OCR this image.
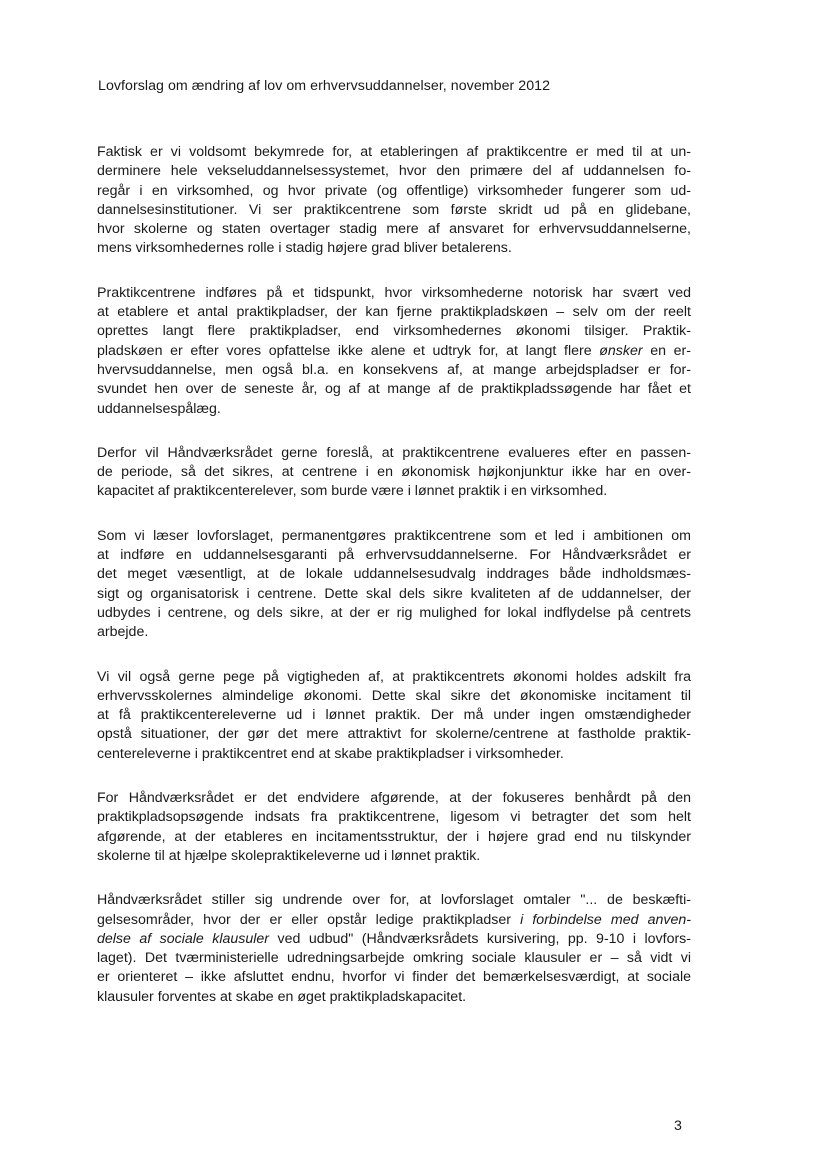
Lovforslag om ændring af lov om erhvervsuddannelser, november 2012
Faktisk er vi voldsomt bekymrede for, at etableringen af praktikcentre er med til at un-
derminere hele vekseluddannelsessystemet, hvor den primære del af uddannelsen fo-
regår i en virksomhed, og hvor private (og offentlige) virksomheder fungerer som ud-
dannelsesinstitutioner. Vi ser praktikcentrene som første skridt ud på en glidebane,
hvor skolerne og staten overtager stadig mere af ansvaret for erhvervsuddannelserne,
mens virksomhedernes rolle i stadig højere grad bliver betalerens.
Praktikcentrene indføres på et tidspunkt, hvor virksomhederne notorisk har svært ved
at etablere et antal praktikpladser, der kan fjerne praktikpladskøen – selv om der reelt
oprettes langt flere praktikpladser, end virksomhedernes økonomi tilsiger. Praktik-
pladskøen er efter vores opfattelse ikke alene et udtryk for, at langt flere ønsker en er-
hvervsuddannelse, men også bl.a. en konsekvens af, at mange arbejdspladser er for-
svundet hen over de seneste år, og af at mange af de praktikpladssøgende har fået et
uddannelsespålæg.
Derfor vil Håndværksrådet gerne foreslå, at praktikcentrene evalueres efter en passen-
de periode, så det sikres, at centrene i en økonomisk højkonjunktur ikke har en over-
kapacitet af praktikcenterelever, som burde være i lønnet praktik i en virksomhed.
Som vi læser lovforslaget, permanentgøres praktikcentrene som et led i ambitionen om
at indføre en uddannelsesgaranti på erhvervsuddannelserne. For Håndværksrådet er
det meget væsentligt, at de lokale uddannelsesudvalg inddrages både indholdsmæs-
sigt og organisatorisk i centrene. Dette skal dels sikre kvaliteten af de uddannelser, der
udbydes i centrene, og dels sikre, at der er rig mulighed for lokal indflydelse på centrets
arbejde.
Vi vil også gerne pege på vigtigheden af, at praktikcentrets økonomi holdes adskilt fra
erhvervsskolernes almindelige økonomi. Dette skal sikre det økonomiske incitament til
at få praktikcentereleverne ud i lønnet praktik. Der må under ingen omstændigheder
opstå situationer, der gør det mere attraktivt for skolerne/centrene at fastholde praktik-
centereleverne i praktikcentret end at skabe praktikpladser i virksomheder.
For Håndværksrådet er det endvidere afgørende, at der fokuseres benhårdt på den
praktikpladsopsøgende indsats fra praktikcentrene, ligesom vi betragter det som helt
afgørende, at der etableres en incitamentsstruktur, der i højere grad end nu tilskynder
skolerne til at hjælpe skolepraktikeleverne ud i lønnet praktik.
Håndværksrådet stiller sig undrende over for, at lovforslaget omtaler "... de beskæfti-
gelsesområder, hvor der er eller opstår ledige praktikpladser i forbindelse med anven-
delse af sociale klausuler ved udbud" (Håndværksrådets kursivering, pp. 9-10 i lovfors-
laget). Det tværministerielle udredningsarbejde omkring sociale klausuler er – så vidt vi
er orienteret – ikke afsluttet endnu, hvorfor vi finder det bemærkelsesværdigt, at sociale
klausuler forventes at skabe en øget praktikpladskapacitet.
3
